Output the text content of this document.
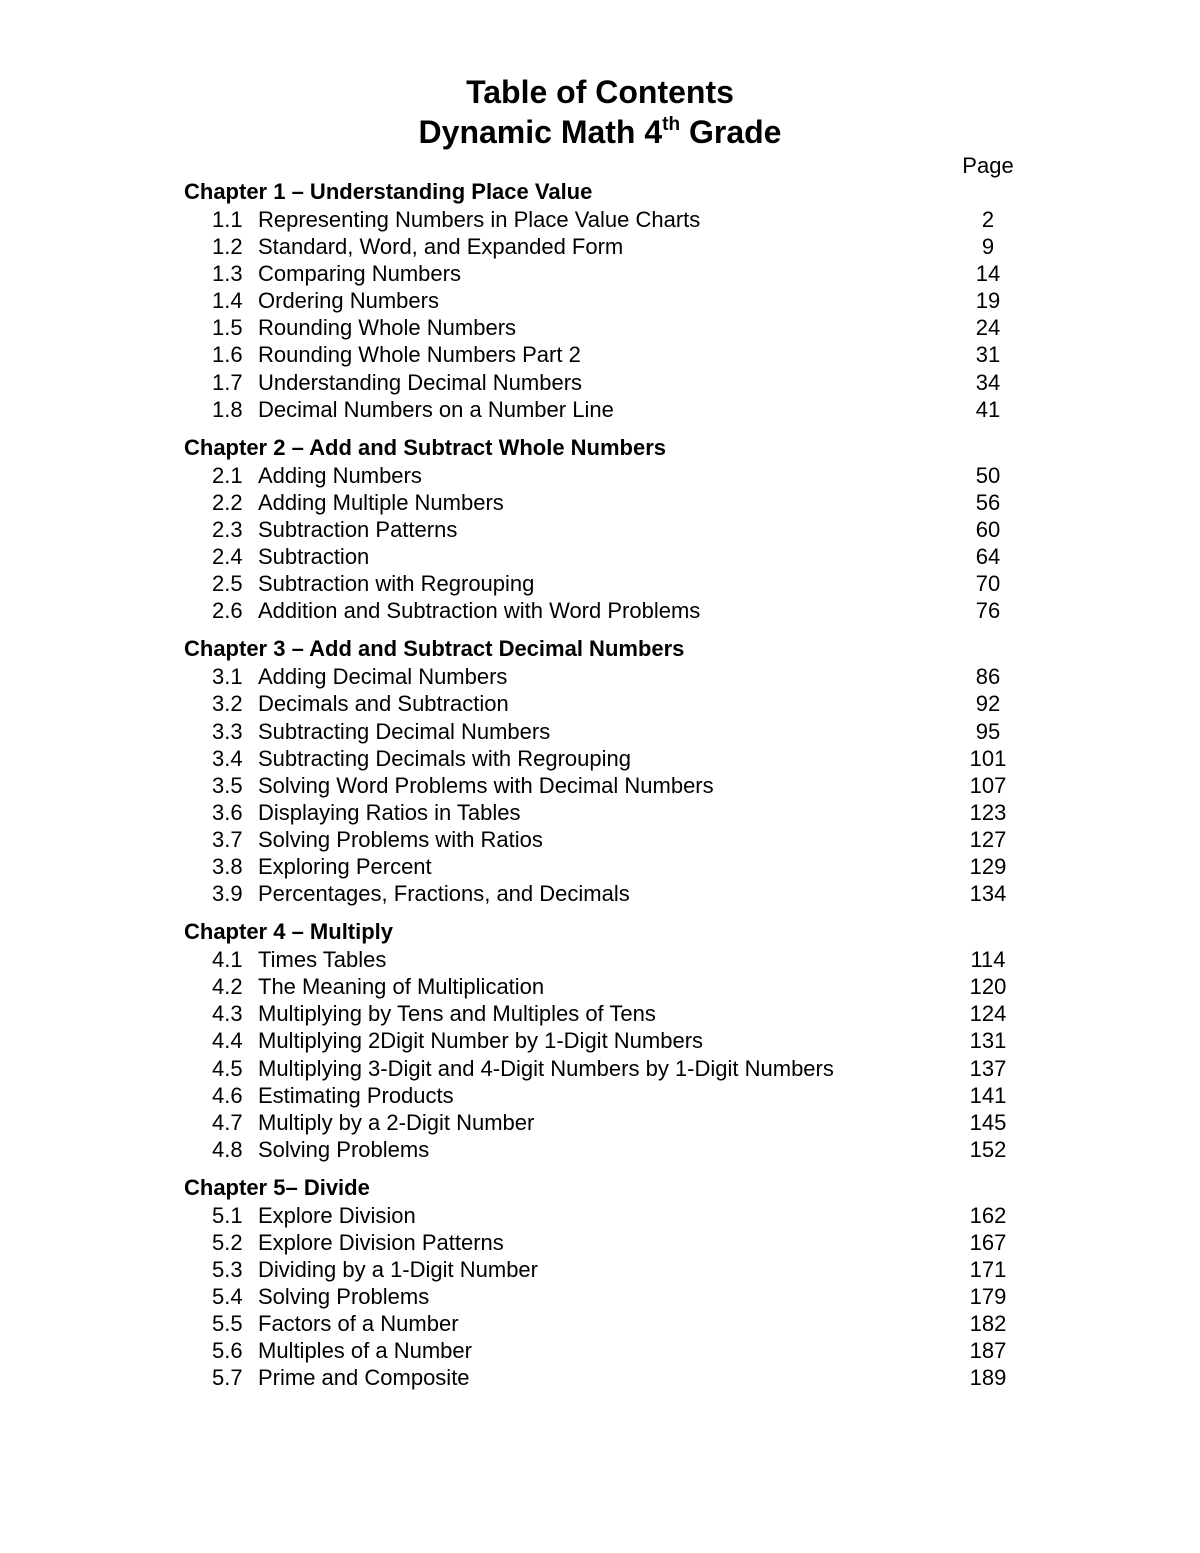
Table of Contents
Dynamic Math 4th Grade
Page
Chapter 1 – Understanding Place Value
1.1 Representing Numbers in Place Value Charts	2
1.2 Standard, Word, and Expanded Form	9
1.3 Comparing Numbers	14
1.4 Ordering Numbers	19
1.5 Rounding Whole Numbers	24
1.6 Rounding Whole Numbers Part 2	31
1.7 Understanding Decimal Numbers	34
1.8 Decimal Numbers on a Number Line	41
Chapter 2 – Add and Subtract Whole Numbers
2.1 Adding Numbers	50
2.2 Adding Multiple Numbers	56
2.3 Subtraction Patterns	60
2.4 Subtraction	64
2.5 Subtraction with Regrouping	70
2.6 Addition and Subtraction with Word Problems	76
Chapter 3 – Add and Subtract Decimal Numbers
3.1 Adding Decimal Numbers	86
3.2 Decimals and Subtraction	92
3.3 Subtracting Decimal Numbers	95
3.4 Subtracting Decimals with Regrouping	101
3.5 Solving Word Problems with Decimal Numbers	107
3.6 Displaying Ratios in Tables	123
3.7 Solving Problems with Ratios	127
3.8 Exploring Percent	129
3.9 Percentages, Fractions, and Decimals	134
Chapter 4 – Multiply
4.1 Times Tables	114
4.2 The Meaning of Multiplication	120
4.3 Multiplying by Tens and Multiples of Tens	124
4.4 Multiplying 2Digit Number by 1-Digit Numbers	131
4.5 Multiplying 3-Digit and 4-Digit Numbers by 1-Digit Numbers	137
4.6 Estimating Products	141
4.7 Multiply by a 2-Digit Number	145
4.8 Solving Problems	152
Chapter 5– Divide
5.1 Explore Division	162
5.2 Explore Division Patterns	167
5.3 Dividing by a 1-Digit Number	171
5.4 Solving Problems	179
5.5 Factors of a Number	182
5.6 Multiples of a Number	187
5.7 Prime and Composite	189
